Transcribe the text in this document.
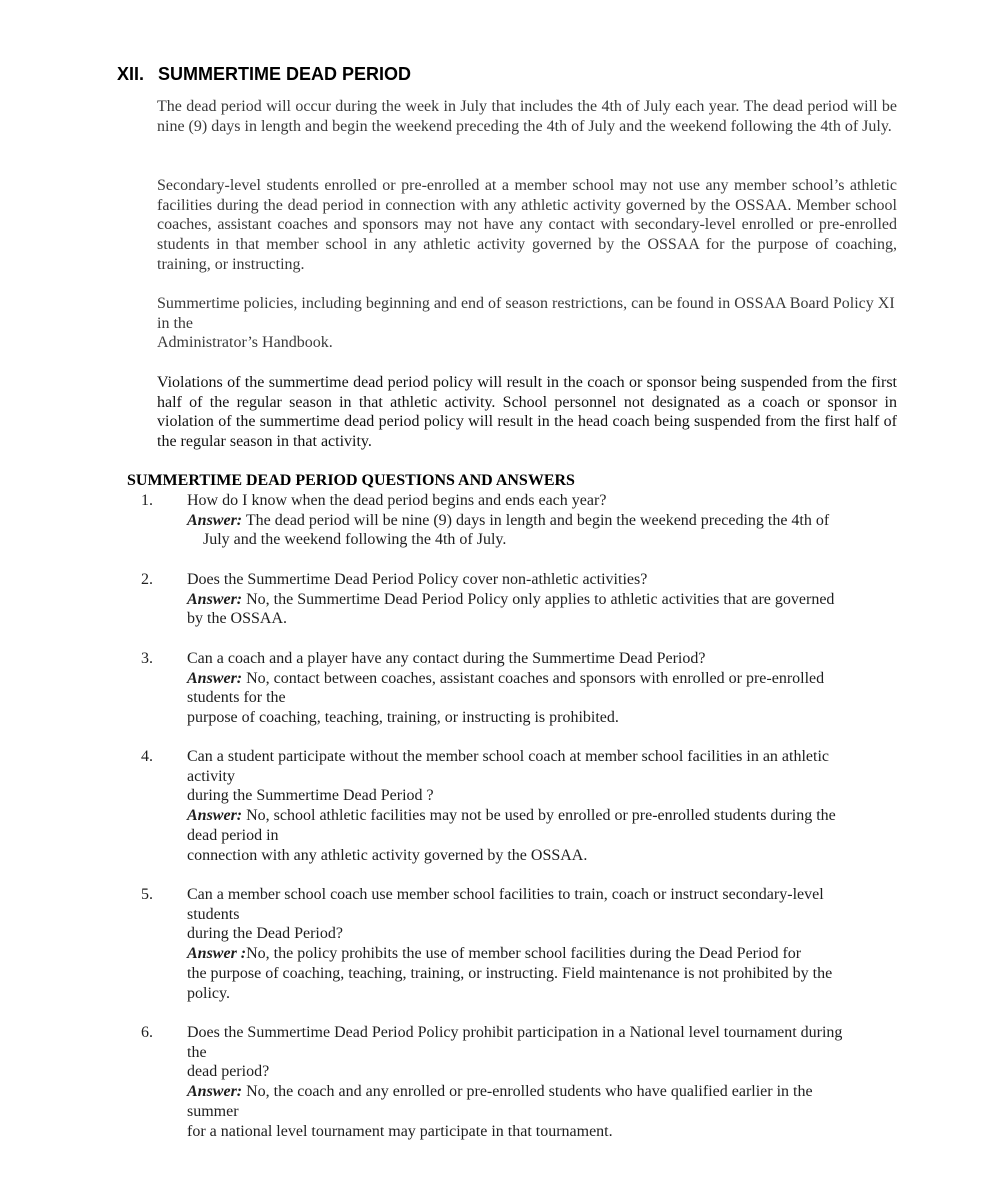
XII. SUMMERTIME DEAD PERIOD

The dead period will occur during the week in July that includes the 4th of July each year. The dead period will be nine (9) days in length and begin the weekend preceding the 4th of July and the weekend following the 4th of July.

Secondary-level students enrolled or pre-enrolled at a member school may not use any member school’s athletic facilities during the dead period in connection with any athletic activity governed by the OSSAA. Member school coaches, assistant coaches and sponsors may not have any contact with secondary-level enrolled or pre-enrolled students in that member school in any athletic activity governed by the OSSAA for the purpose of coaching, training, or instructing.

Summertime policies, including beginning and end of season restrictions, can be found in OSSAA Board Policy XI in the
Administrator’s Handbook.

Violations of the summertime dead period policy will result in the coach or sponsor being suspended from the first half of the regular season in that athletic activity. School personnel not designated as a coach or sponsor in violation of the summertime dead period policy will result in the head coach being suspended from the first half of the regular season in that activity.

SUMMERTIME DEAD PERIOD QUESTIONS AND ANSWERS
1. How do I know when the dead period begins and ends each year?
Answer: The dead period will be nine (9) days in length and begin the weekend preceding the 4th of
July and the weekend following the 4th of July.
2. Does the Summertime Dead Period Policy cover non-athletic activities?
Answer: No, the Summertime Dead Period Policy only applies to athletic activities that are governed
by the OSSAA.
3. Can a coach and a player have any contact during the Summertime Dead Period?
Answer: No, contact between coaches, assistant coaches and sponsors with enrolled or pre-enrolled
students for the
purpose of coaching, teaching, training, or instructing is prohibited.
4. Can a student participate without the member school coach at member school facilities in an athletic
activity
during the Summertime Dead Period ?
Answer: No, school athletic facilities may not be used by enrolled or pre-enrolled students during the
dead period in
connection with any athletic activity governed by the OSSAA.
5. Can a member school coach use member school facilities to train, coach or instruct secondary-level
students
during the Dead Period?
Answer :No, the policy prohibits the use of member school facilities during the Dead Period for
the purpose of coaching, teaching, training, or instructing. Field maintenance is not prohibited by the
policy.
6. Does the Summertime Dead Period Policy prohibit participation in a National level tournament during
the
dead period?
Answer: No, the coach and any enrolled or pre-enrolled students who have qualified earlier in the
summer
for a national level tournament may participate in that tournament.
